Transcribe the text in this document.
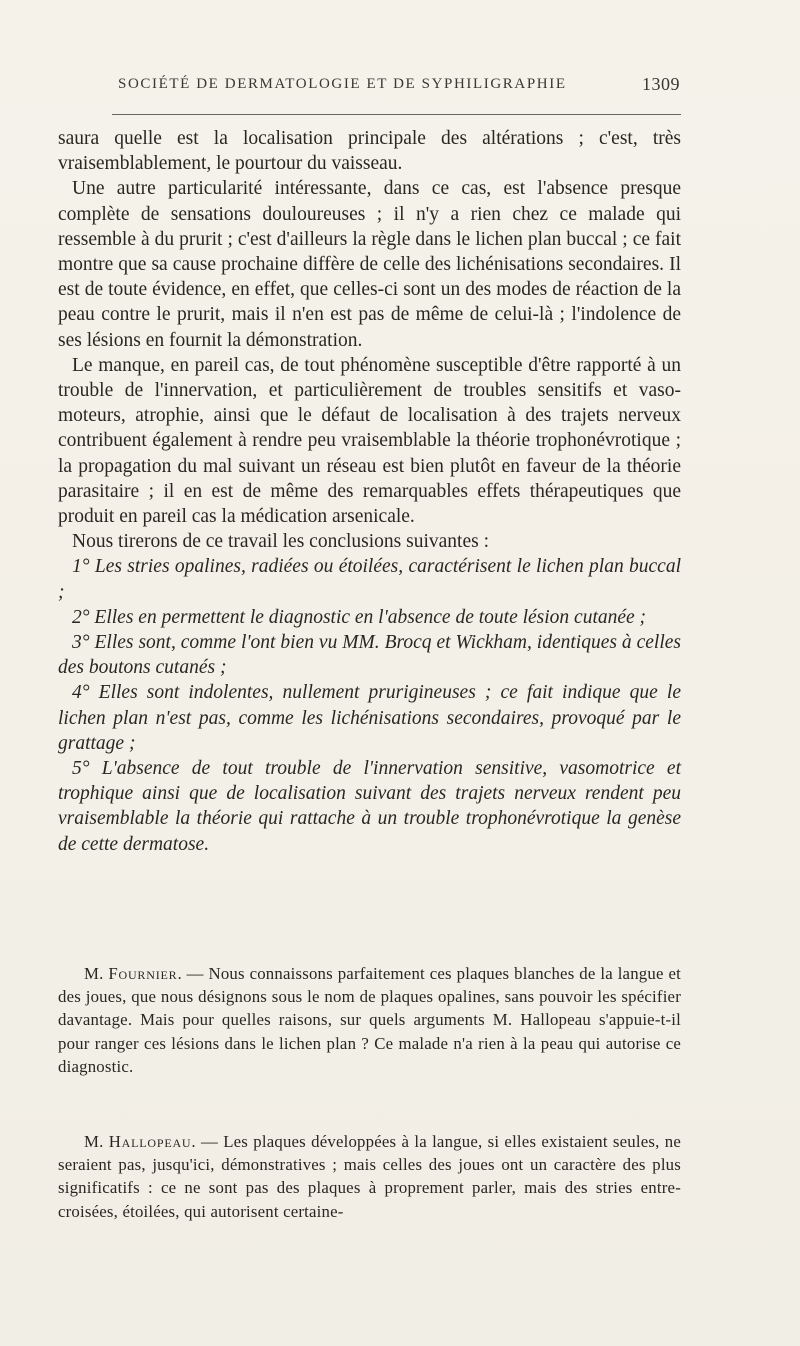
SOCIÉTÉ DE DERMATOLOGIE ET DE SYPHILIGRAPHIE	1309

saura quelle est la localisation principale des altérations ; c'est, très vraisemblablement, le pourtour du vaisseau.

Une autre particularité intéressante, dans ce cas, est l'absence presque complète de sensations douloureuses ; il n'y a rien chez ce malade qui ressemble à du prurit ; c'est d'ailleurs la règle dans le lichen plan buccal ; ce fait montre que sa cause prochaine diffère de celle des lichénisations secondaires. Il est de toute évidence, en effet, que celles-ci sont un des modes de réaction de la peau contre le prurit, mais il n'en est pas de même de celui-là ; l'indolence de ses lésions en fournit la démonstration.

Le manque, en pareil cas, de tout phénomène susceptible d'être rapporté à un trouble de l'innervation, et particulièrement de troubles sensitifs et vaso-moteurs, atrophie, ainsi que le défaut de localisation à des trajets nerveux contribuent également à rendre peu vraisemblable la théorie trophonévrotique ; la propagation du mal suivant un réseau est bien plutôt en faveur de la théorie parasitaire ; il en est de même des remarquables effets thérapeutiques que produit en pareil cas la médication arsenicale.

Nous tirerons de ce travail les conclusions suivantes :

1° Les stries opalines, radiées ou étoilées, caractérisent le lichen plan buccal ;

2° Elles en permettent le diagnostic en l'absence de toute lésion cutanée ;

3° Elles sont, comme l'ont bien vu MM. Brocq et Wickham, identiques à celles des boutons cutanés ;

4° Elles sont indolentes, nullement prurigineuses ; ce fait indique que le lichen plan n'est pas, comme les lichénisations secondaires, provoqué par le grattage ;

5° L'absence de tout trouble de l'innervation sensitive, vasomotrice et trophique ainsi que de localisation suivant des trajets nerveux rendent peu vraisemblable la théorie qui rattache à un trouble trophonévrotique la genèse de cette dermatose.

M. Fournier. — Nous connaissons parfaitement ces plaques blanches de la langue et des joues, que nous désignons sous le nom de plaques opalines, sans pouvoir les spécifier davantage. Mais pour quelles raisons, sur quels arguments M. Hallopeau s'appuie-t-il pour ranger ces lésions dans le lichen plan ? Ce malade n'a rien à la peau qui autorise ce diagnostic.

M. Hallopeau. — Les plaques développées à la langue, si elles existaient seules, ne seraient pas, jusqu'ici, démonstratives ; mais celles des joues ont un caractère des plus significatifs : ce ne sont pas des plaques à proprement parler, mais des stries entre-croisées, étoilées, qui autorisent certaine-
